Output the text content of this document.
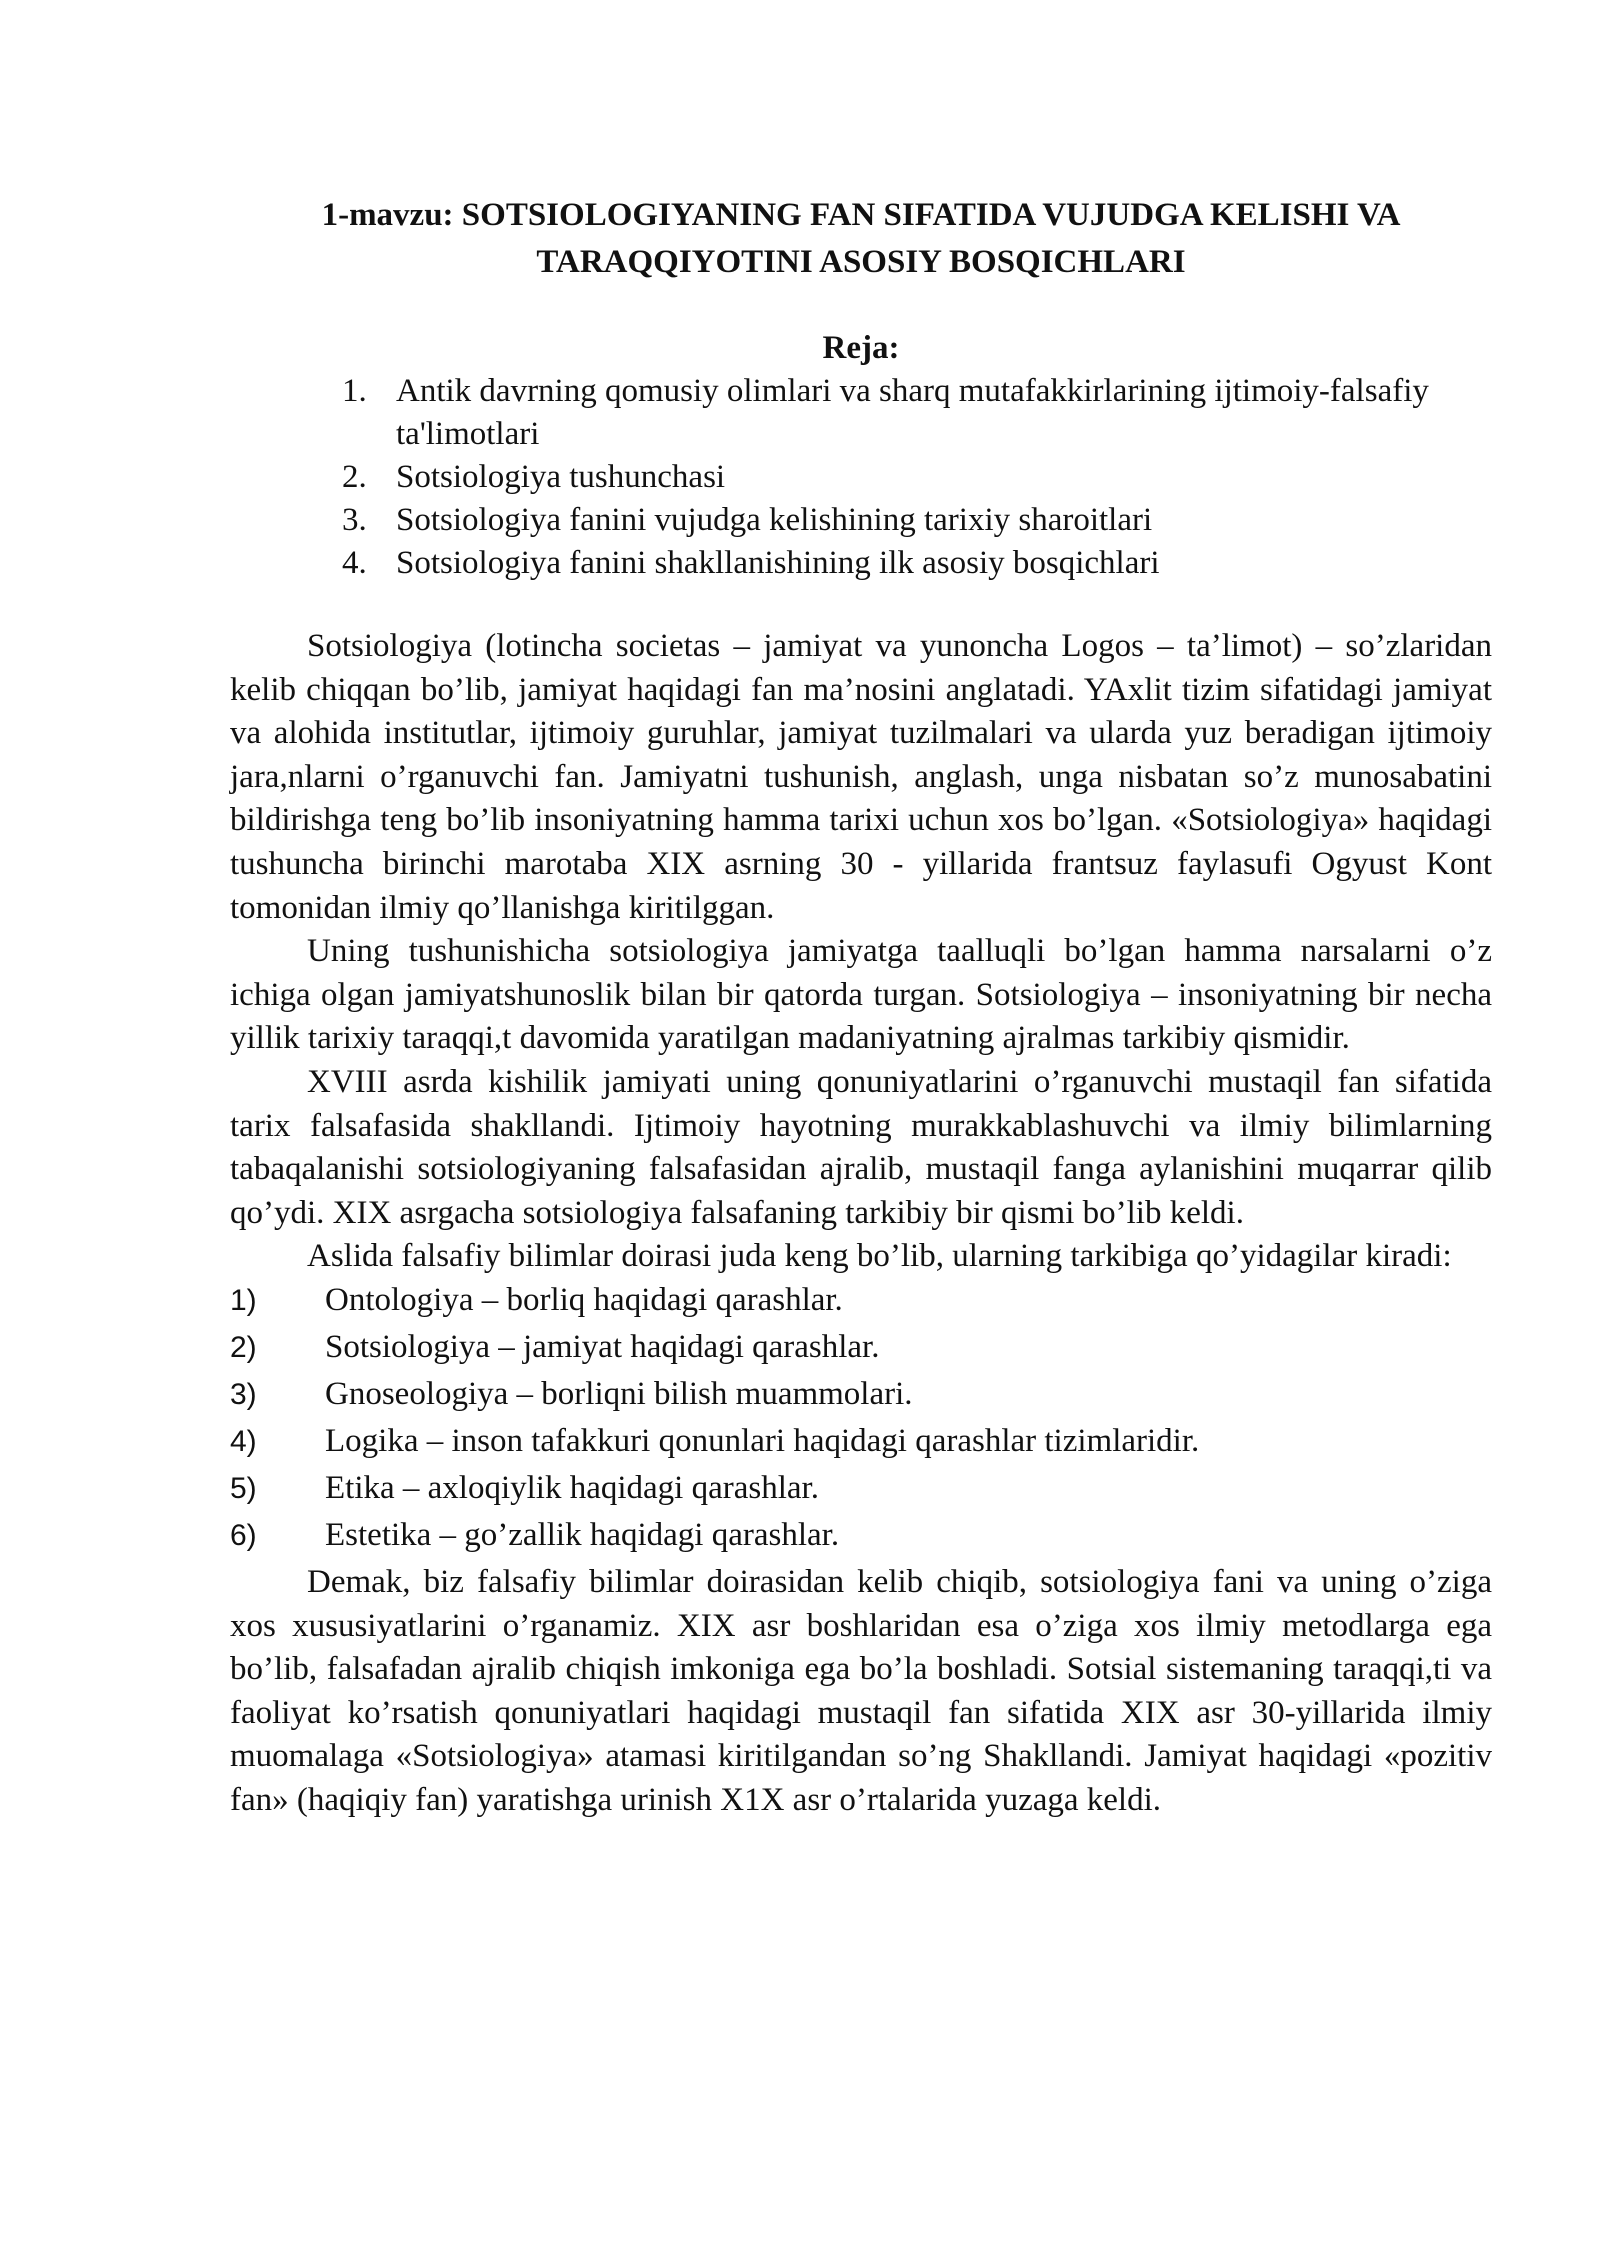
1-mavzu: SOTSIOLOGIYANING FAN SIFATIDA VUJUDGA KELISHI VA
TARAQQIYOTINI ASOSIY BOSQICHLARI
Reja:
1. Antik davrning qomusiy olimlari va sharq mutafakkirlarining ijtimoiy-falsafiy ta'limotlari
2. Sotsiologiya tushunchasi
3. Sotsiologiya fanini vujudga kelishining tarixiy sharoitlari
4. Sotsiologiya fanini shakllanishining ilk asosiy bosqichlari

Sotsiologiya (lotincha societas – jamiyat va yunoncha Logos – ta’limot) – so’zlaridan kelib chiqqan bo’lib, jamiyat haqidagi fan ma’nosini anglatadi. YAxlit tizim sifatidagi jamiyat va alohida institutlar, ijtimoiy guruhlar, jamiyat tuzilmalari va ularda yuz beradigan ijtimoiy jara,nlarni o’rganuvchi fan. Jamiyatni tushunish, anglash, unga nisbatan so’z munosabatini bildirishga teng bo’lib insoniyatning hamma tarixi uchun xos bo’lgan. «Sotsiologiya» haqidagi tushuncha birinchi marotaba XIX asrning 30 - yillarida frantsuz faylasufi Ogyust Kont tomonidan ilmiy qo’llanishga kiritilggan.

Uning tushunishicha sotsiologiya jamiyatga taalluqli bo’lgan hamma narsalarni o’z ichiga olgan jamiyatshunoslik bilan bir qatorda turgan. Sotsiologiya – insoniyatning bir necha yillik tarixiy taraqqi,t davomida yaratilgan madaniyatning ajralmas tarkibiy qismidir.

XVIII asrda kishilik jamiyati uning qonuniyatlarini o’rganuvchi mustaqil fan sifatida tarix falsafasida shakllandi. Ijtimoiy hayotning murakkablashuvchi va ilmiy bilimlarning tabaqalanishi sotsiologiyaning falsafasidan ajralib, mustaqil fanga aylanishini muqarrar qilib qo’ydi. XIX asrgacha sotsiologiya falsafaning tarkibiy bir qismi bo’lib keldi.

Aslida falsafiy bilimlar doirasi juda keng bo’lib, ularning tarkibiga qo’yidagilar kiradi:

1) Ontologiya – borliq haqidagi qarashlar.
2) Sotsiologiya – jamiyat haqidagi qarashlar.
3) Gnoseologiya – borliqni bilish muammolari.
4) Logika – inson tafakkuri qonunlari haqidagi qarashlar tizimlaridir.
5) Etika – axloqiylik haqidagi qarashlar.
6) Estetika – go’zallik haqidagi qarashlar.

Demak, biz falsafiy bilimlar doirasidan kelib chiqib, sotsiologiya fani va uning o’ziga xos xususiyatlarini o’rganamiz. XIX asr boshlaridan esa o’ziga xos ilmiy metodlarga ega bo’lib, falsafadan ajralib chiqish imkoniga ega bo’la boshladi. Sotsial sistemaning taraqqi,ti va faoliyat ko’rsatish qonuniyatlari haqidagi mustaqil fan sifatida XIX asr 30-yillarida ilmiy muomalaga «Sotsiologiya» atamasi kiritilgandan so’ng Shakllandi. Jamiyat haqidagi «pozitiv fan» (haqiqiy fan) yaratishga urinish X1X asr o’rtalarida yuzaga keldi.
